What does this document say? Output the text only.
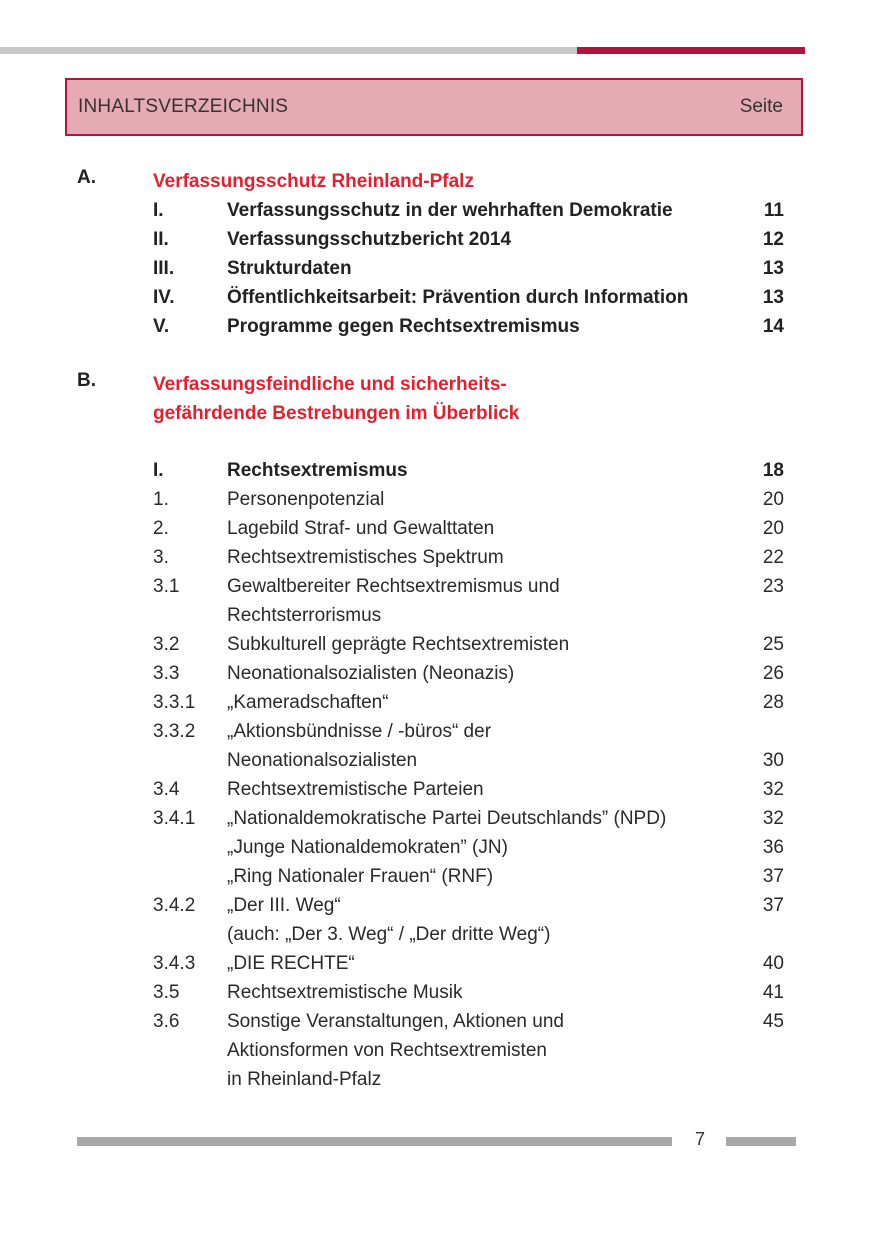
INHALTSVERZEICHNIS	Seite
A.	Verfassungsschutz Rheinland-Pfalz
I.	Verfassungsschutz in der wehrhaften Demokratie	11
II.	Verfassungsschutzbericht 2014	12
III.	Strukturdaten	13
IV.	Öffentlichkeitsarbeit: Prävention durch Information	13
V.	Programme gegen Rechtsextremismus	14
B.	Verfassungsfeindliche und sicherheits-
gefährdende Bestrebungen im Überblick
I.	Rechtsextremismus	18
1.	Personenpotenzial	20
2.	Lagebild Straf- und Gewalttaten	20
3.	Rechtsextremistisches Spektrum	22
3.1	Gewaltbereiter Rechtsextremismus und	23
Rechtsterrorismus
3.2	Subkulturell geprägte Rechtsextremisten	25
3.3	Neonationalsozialisten (Neonazis)	26
3.3.1 „Kameradschaften“	28
3.3.2 „Aktionsbündnisse / -büros“ der
Neonationalsozialisten	30
3.4	Rechtsextremistische Parteien	32
3.4.1 „Nationaldemokratische Partei Deutschlands” (NPD)	32
„Junge Nationaldemokraten” (JN)	36
„Ring Nationaler Frauen“ (RNF)	37
3.4.2 „Der III. Weg“	37
(auch: „Der 3. Weg“ / „Der dritte Weg“)
3.4.3 „DIE RECHTE“	40
3.5	Rechtsextremistische Musik	41
3.6	Sonstige Veranstaltungen, Aktionen und	45
Aktionsformen von Rechtsextremisten
in Rheinland-Pfalz
7
